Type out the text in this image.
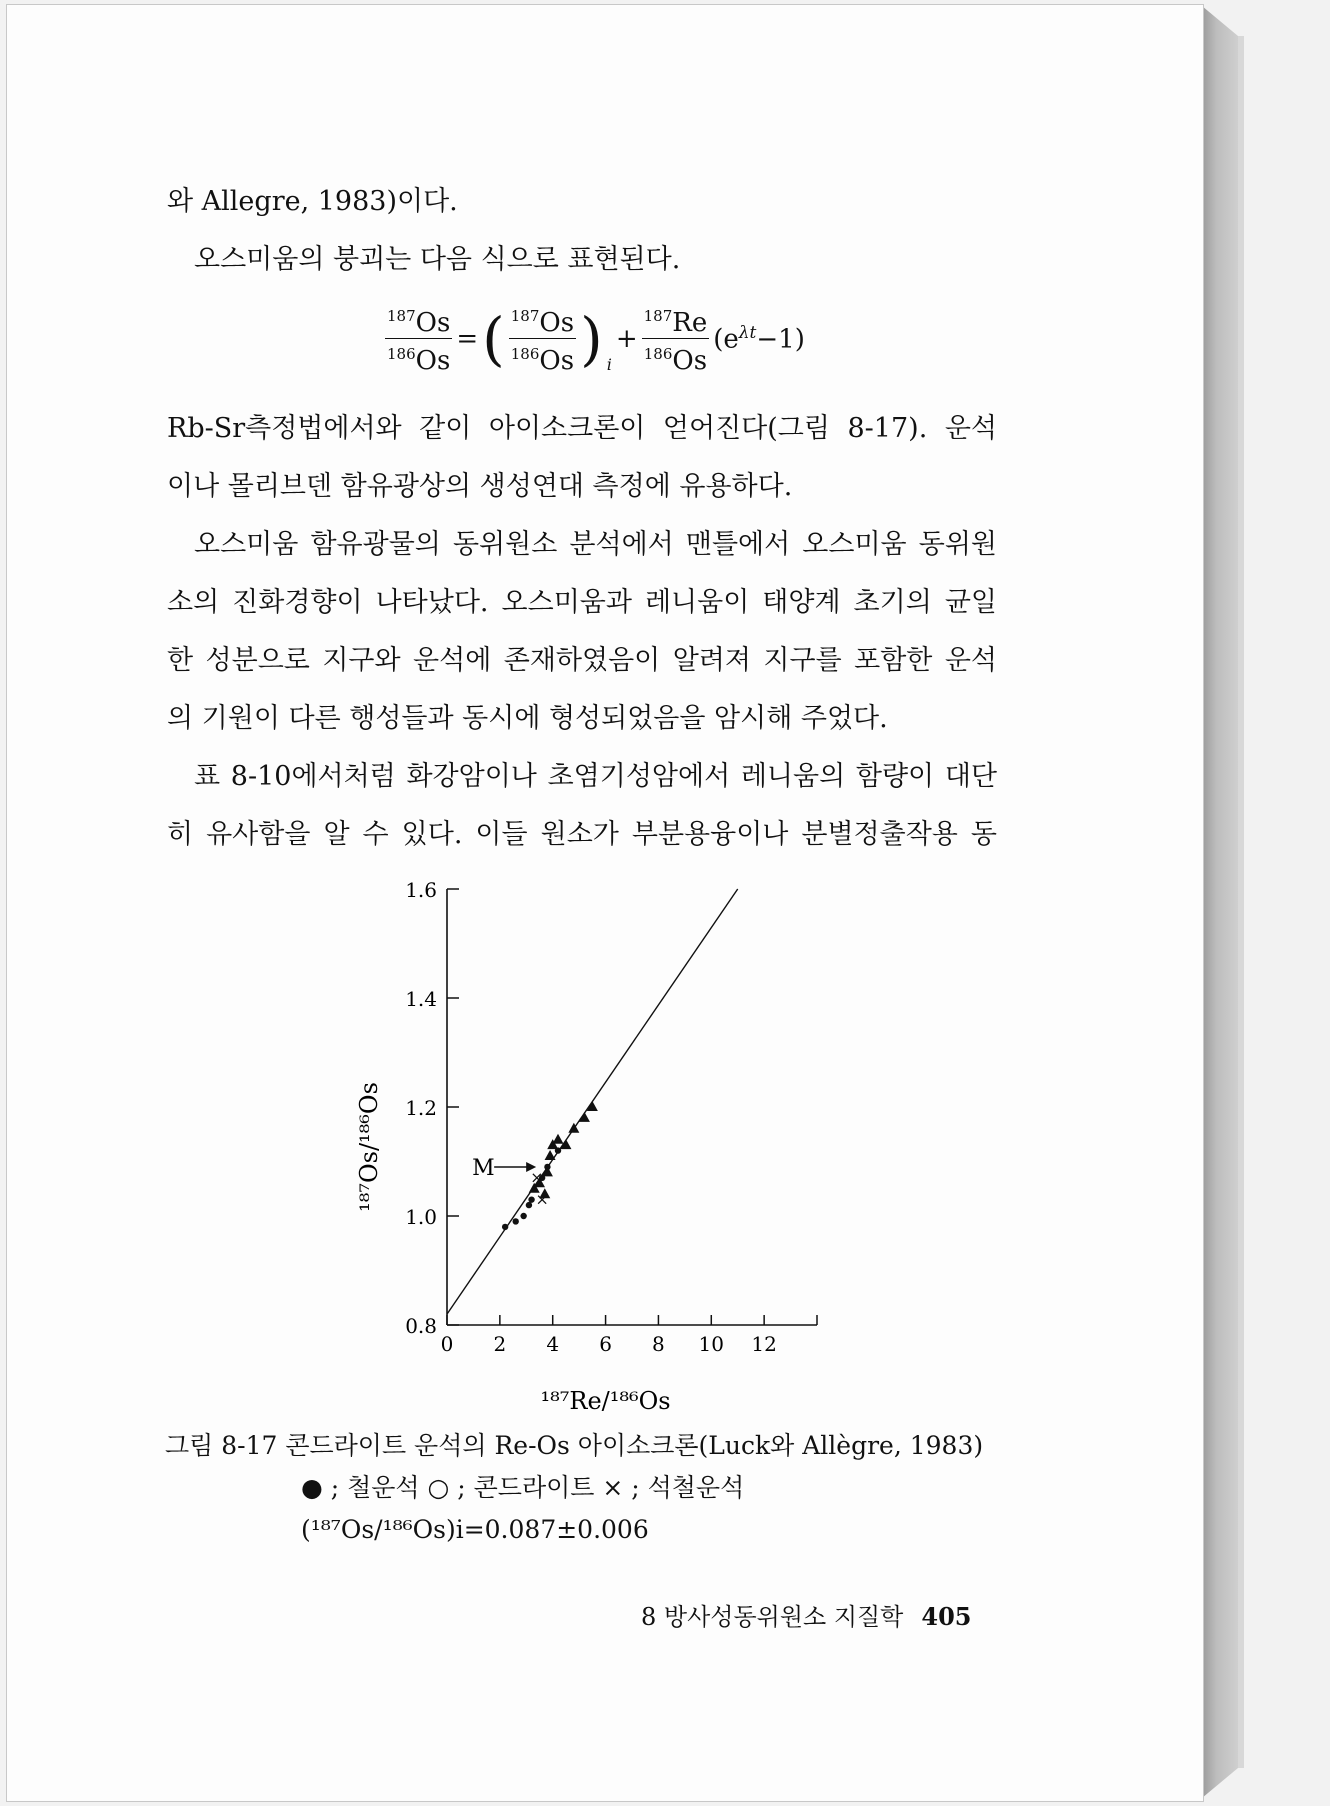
와 Allegre, 1983)이다.
오스미움의 붕괴는 다음 식으로 표현된다.
$\frac{^{187}Os}{^{186}Os}$ = ( $\frac{^{187}Os}{^{186}Os}$ ) i
+ $\frac{^{187}Re}{^{186}Os} (e^{\lambda t}-1)$
Rb-Sr측정법에서와 같이 아이소크론이 얻어진다(그림 8-17). 운석
이나 몰리브덴 함유광상의 생성연대 측정에 유용하다.
오스미움 함유광물의 동위원소 분석에서 맨틀에서 오스미움 동위원
소의 진화경향이 나타났다. 오스미움과 레니움이 태양계 초기의 균일
한 성분으로 지구와 운석에 존재하였음이 알려져 지구를 포함한 운석
의 기원이 다른 행성들과 동시에 형성되었음을 암시해 주었다.
표 8-10에서처럼 화강암이나 초염기성암에서 레니움의 함량이 대단
히 유사함을 알 수 있다. 이들 원소가 부분용융이나 분별정출작용 동
0.8
1.0
1.2
1.4
1.6
0 2 4 6 8 10 12
M
¹⁸⁷Re/¹⁸⁶Os
¹⁸⁷Os/¹⁸⁶Os
그림 8-17 콘드라이트 운석의 Re-Os 아이소크론(Luck와 Allègre, 1983)
● ; 철운석 ○ ; 콘드라이트 × ; 석철운석
(¹⁸⁷Os/¹⁸⁶Os)i=0.087±0.006
8 방사성동위원소 지질학 405
